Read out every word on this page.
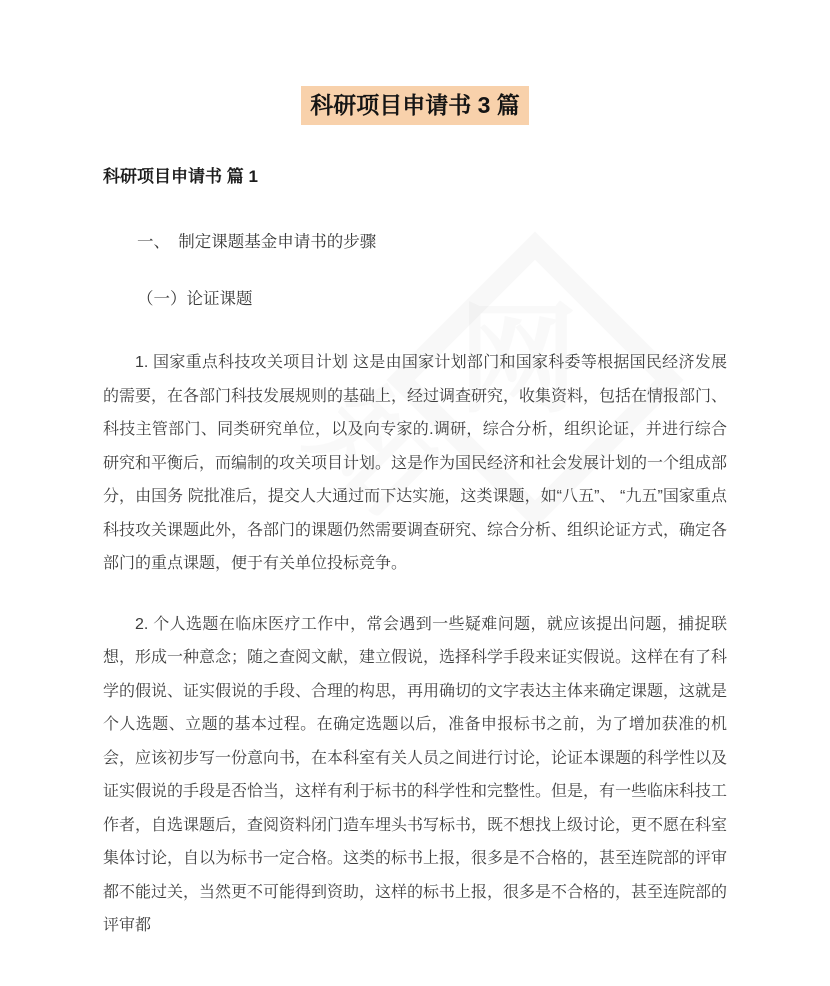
科研项目申请书 3 篇
科研项目申请书 篇 1

一、　制定课题基金申请书的步骤

（一）论证课题

1. 国家重点科技攻关项目计划 这是由国家计划部门和国家科委等根据国民经济发展的需要，在各部门科技发展规则的基础上，经过调查研究，收集资料，包括在情报部门、科技主管部门、同类研究单位，以及向专家的.调研，综合分析，组织论证，并进行综合研究和平衡后，而编制的攻关项目计划。这是作为国民经济和社会发展计划的一个组成部分，由国务 院批准后，提交人大通过而下达实施，这类课题，如“八五”、 “九五”国家重点科技攻关课题此外，各部门的课题仍然需要调查研究、综合分析、组织论证方式，确定各部门的重点课题，便于有关单位投标竞争。

2. 个人选题在临床医疗工作中，常会遇到一些疑难问题，就应该提出问题，捕捉联想，形成一种意念；随之查阅文献，建立假说，选择科学手段来证实假说。这样在有了科学的假说、证实假说的手段、合理的构思，再用确切的文字表达主体来确定课题，这就是个人选题、立题的基本过程。在确定选题以后，准备申报标书之前，为了增加获准的机会，应该初步写一份意向书，在本科室有关人员之间进行讨论，论证本课题的科学性以及证实假说的手段是否恰当，这样有利于标书的科学性和完整性。但是，有一些临床科技工作者，自选课题后，查阅资料闭门造车埋头书写标书，既不想找上级讨论，更不愿在科室集体讨论，自以为标书一定合格。这类的标书上报，很多是不合格的，甚至连院部的评审都不能过关，当然更不可能得到资助，这样的标书上报，很多是不合格的，甚至连院部的评审都
